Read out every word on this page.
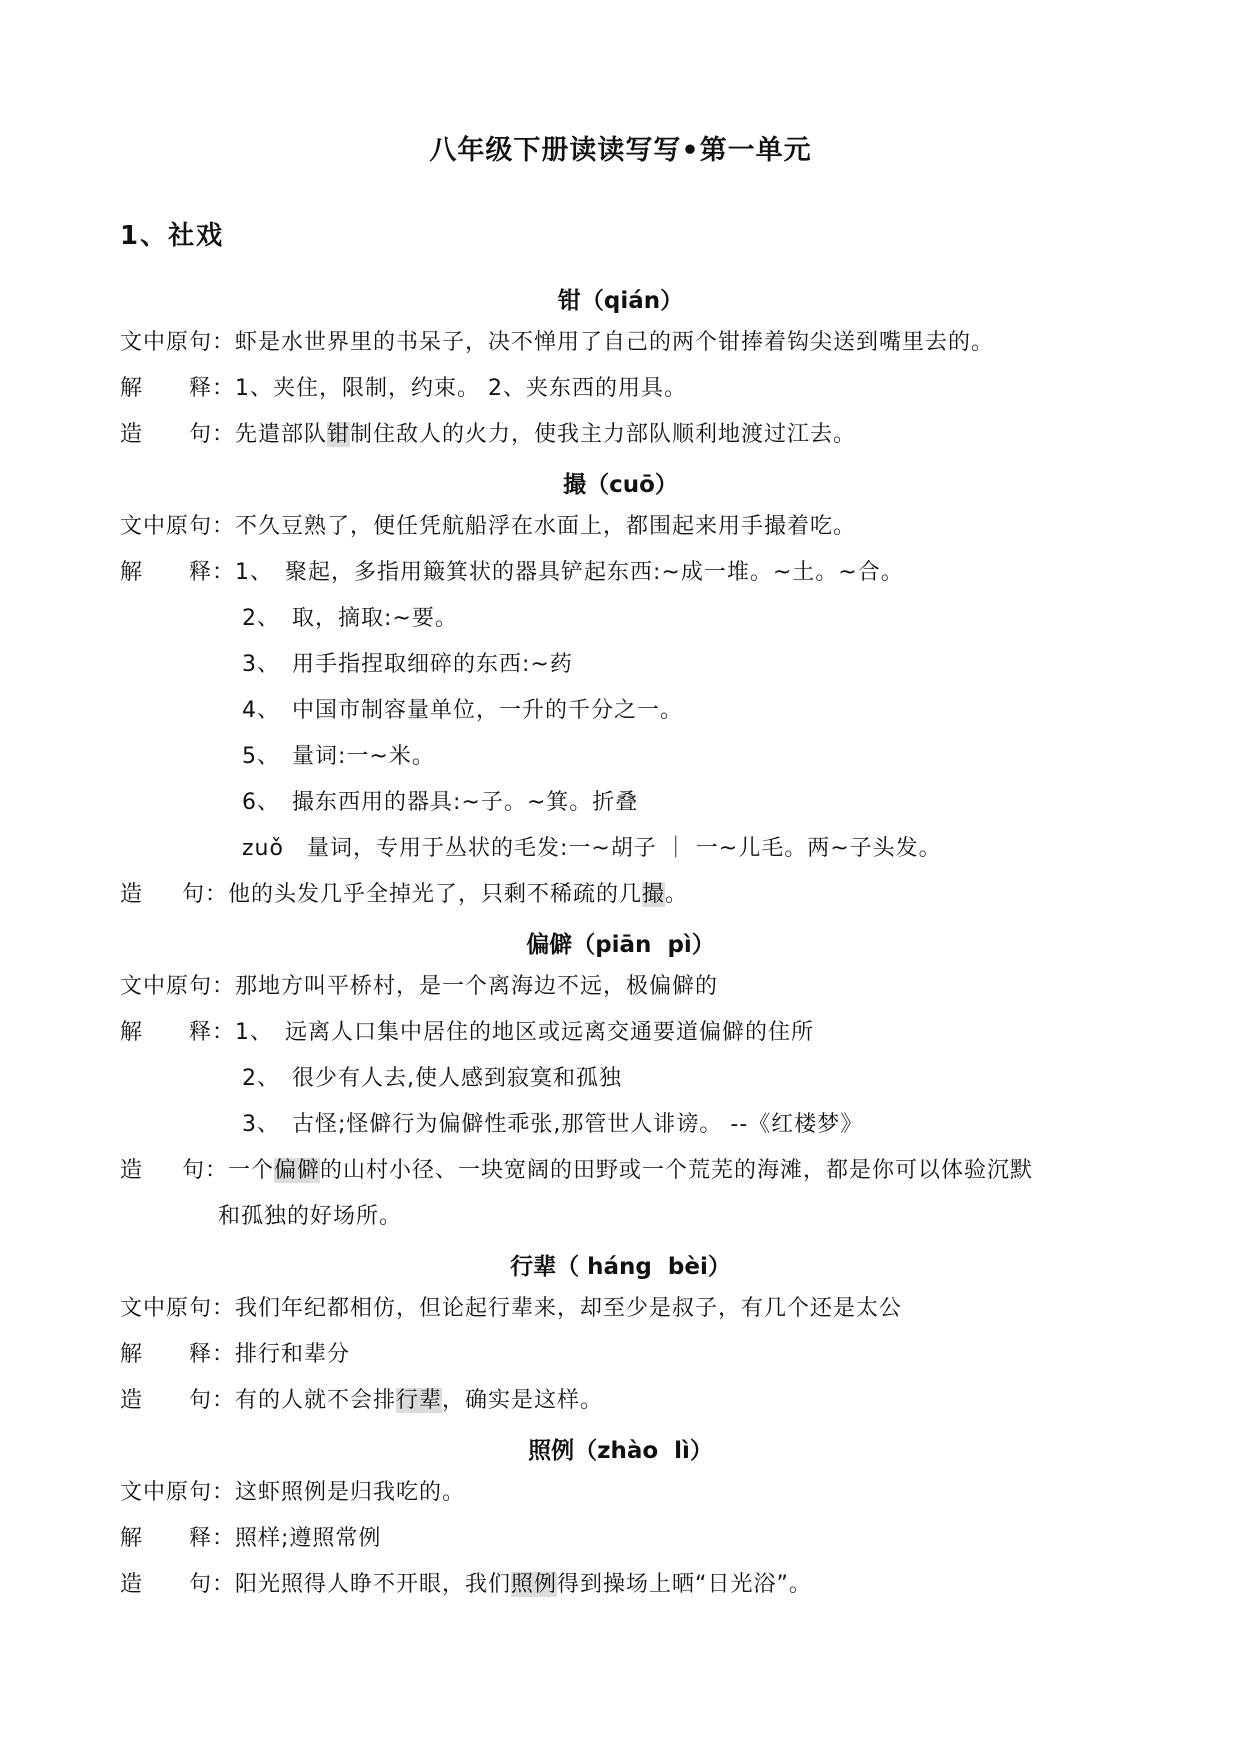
八年级下册读读写写•第一单元
1、社戏
钳（qián）
文中原句：虾是水世界里的书呆子，决不惮用了自己的两个钳捧着钩尖送到嘴里去的。
解　　释：1、夹住，限制，约束。 2、夹东西的用具。
造　　句：先遣部队钳制住敌人的火力，使我主力部队顺利地渡过江去。
撮（cuō）
文中原句：不久豆熟了，便任凭航船浮在水面上，都围起来用手撮着吃。
解　　释：1、　聚起，多指用簸箕状的器具铲起东西:~成一堆。~土。~合。
2、　取，摘取:~要。
3、　用手指捏取细碎的东西:~药
4、　中国市制容量单位，一升的千分之一。
5、　量词:一~米。
6、　撮东西用的器具:~子。~箕。折叠
zuǒ　量词，专用于丛状的毛发:一~胡子 ｜ 一~儿毛。两~子头发。
造　  句：他的头发几乎全掉光了，只剩不稀疏的几撮。
偏僻（piān  pì）
文中原句：那地方叫平桥村，是一个离海边不远，极偏僻的
解　　释：1、　远离人口集中居住的地区或远离交通要道偏僻的住所
2、　很少有人去,使人感到寂寞和孤独
3、　古怪;怪僻行为偏僻性乖张,那管世人诽谤。 --《红楼梦》
造　  句：一个偏僻的山村小径、一块宽阔的田野或一个荒芜的海滩，都是你可以体验沉默
和孤独的好场所。
行辈（ háng  bèi）
文中原句：我们年纪都相仿，但论起行辈来，却至少是叔子，有几个还是太公
解　　释：排行和辈分
造　　句：有的人就不会排行辈，确实是这样。
照例（zhào  lì）
文中原句：这虾照例是归我吃的。
解　　释：照样;遵照常例
造　　句：阳光照得人睁不开眼，我们照例得到操场上晒“日光浴”。
